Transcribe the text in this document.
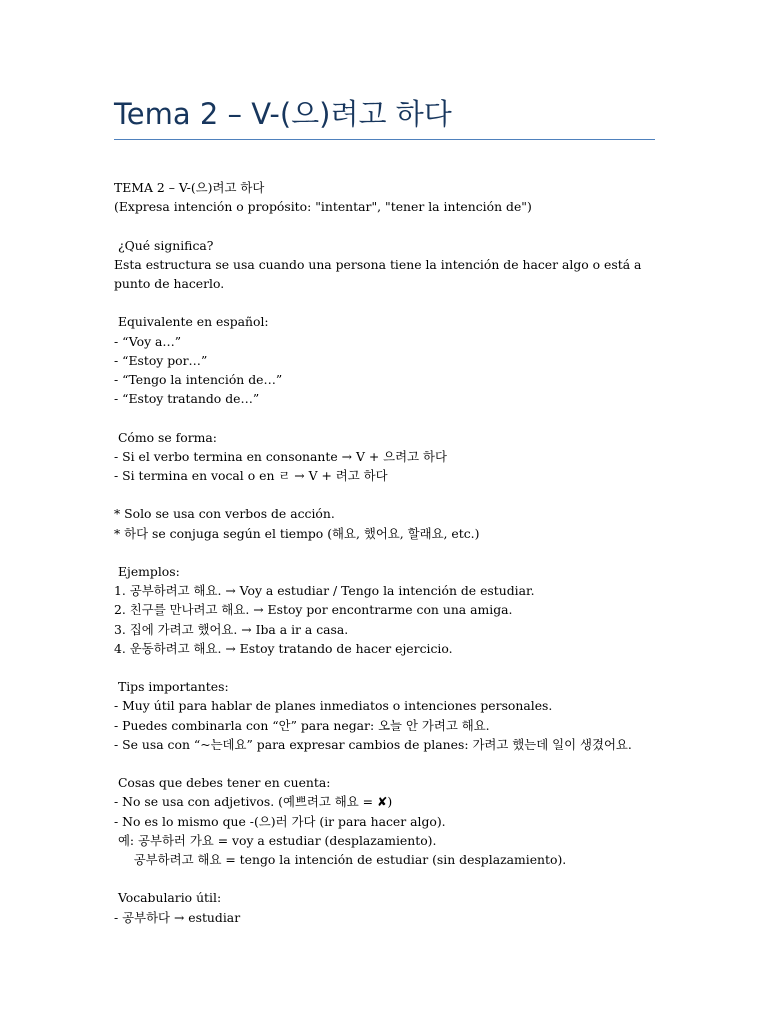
Tema 2 – V-(으)려고 하다
TEMA 2 – V-(으)려고 하다
(Expresa intención o propósito: "intentar", "tener la intención de")
¿Qué significa?
Esta estructura se usa cuando una persona tiene la intención de hacer algo o está a punto de hacerlo.
Equivalente en español:
- “Voy a…”
- “Estoy por…”
- “Tengo la intención de…”
- “Estoy tratando de…”
Cómo se forma:
- Si el verbo termina en consonante → V + 으려고 하다
- Si termina en vocal o en ㄹ → V + 려고 하다
* Solo se usa con verbos de acción.
* 하다 se conjuga según el tiempo (해요, 했어요, 할래요, etc.)
Ejemplos:
1. 공부하려고 해요. → Voy a estudiar / Tengo la intención de estudiar.
2. 친구를 만나려고 해요. → Estoy por encontrarme con una amiga.
3. 집에 가려고 했어요. → Iba a ir a casa.
4. 운동하려고 해요. → Estoy tratando de hacer ejercicio.
Tips importantes:
- Muy útil para hablar de planes inmediatos o intenciones personales.
- Puedes combinarla con “안” para negar: 오늘 안 가려고 해요.
- Se usa con “~는데요” para expresar cambios de planes: 가려고 했는데 일이 생겼어요.
Cosas que debes tener en cuenta:
- No se usa con adjetivos. (예쁘려고 해요 = ✘)
- No es lo mismo que -(으)러 가다 (ir para hacer algo).
예: 공부하러 가요 = voy a estudiar (desplazamiento).
공부하려고 해요 = tengo la intención de estudiar (sin desplazamiento).
Vocabulario útil:
- 공부하다 → estudiar
